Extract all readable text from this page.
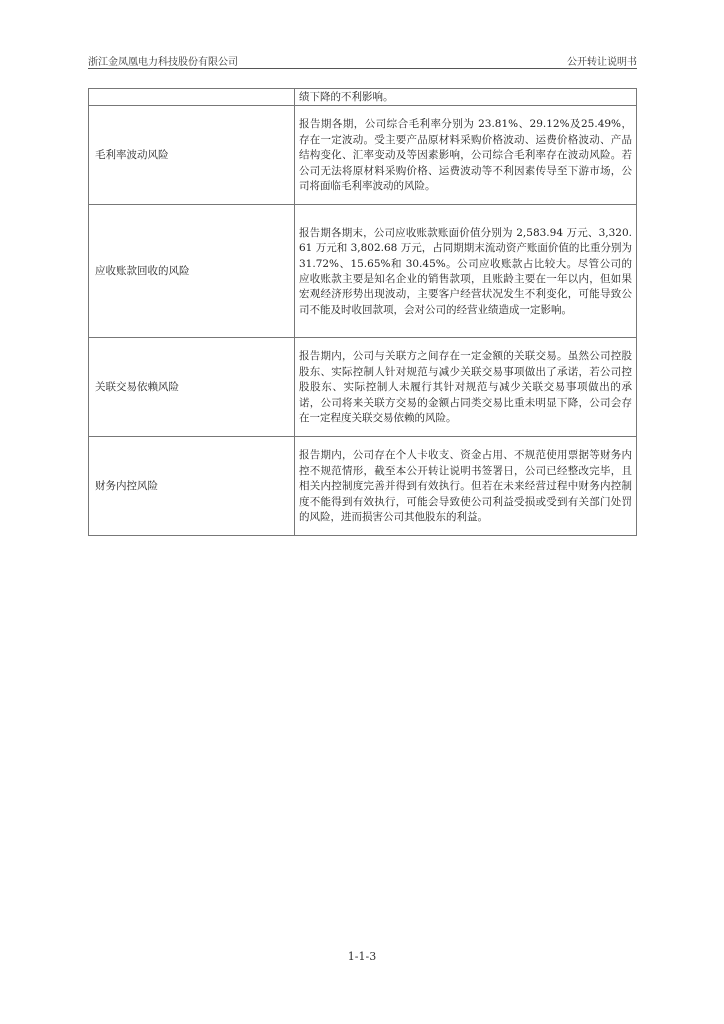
浙江金凤凰电力科技股份有限公司	公开转让说明书
	绩下降的不利影响。
毛利率波动风险	报告期各期，公司综合毛利率分别为 23.81%、29.12%及25.49%，存在一定波动。受主要产品原材料采购价格波动、运费价格波动、产品结构变化、汇率变动及等因素影响，公司综合毛利率存在波动风险。若公司无法将原材料采购价格、运费波动等不利因素传导至下游市场，公司将面临毛利率波动的风险。
应收账款回收的风险	报告期各期末，公司应收账款账面价值分别为 2,583.94 万元、3,320.61 万元和 3,802.68 万元，占同期期末流动资产账面价值的比重分别为 31.72%、15.65%和 30.45%。公司应收账款占比较大。尽管公司的应收账款主要是知名企业的销售款项，且账龄主要在一年以内，但如果宏观经济形势出现波动，主要客户经营状况发生不利变化，可能导致公司不能及时收回款项，会对公司的经营业绩造成一定影响。
关联交易依赖风险	报告期内，公司与关联方之间存在一定金额的关联交易。虽然公司控股股东、实际控制人针对规范与减少关联交易事项做出了承诺，若公司控股股东、实际控制人未履行其针对规范与减少关联交易事项做出的承诺，公司将来关联方交易的金额占同类交易比重未明显下降，公司会存在一定程度关联交易依赖的风险。
财务内控风险	报告期内，公司存在个人卡收支、资金占用、不规范使用票据等财务内控不规范情形，截至本公开转让说明书签署日，公司已经整改完毕，且相关内控制度完善并得到有效执行。但若在未来经营过程中财务内控制度不能得到有效执行，可能会导致使公司利益受损或受到有关部门处罚的风险，进而损害公司其他股东的利益。
1-1-3
